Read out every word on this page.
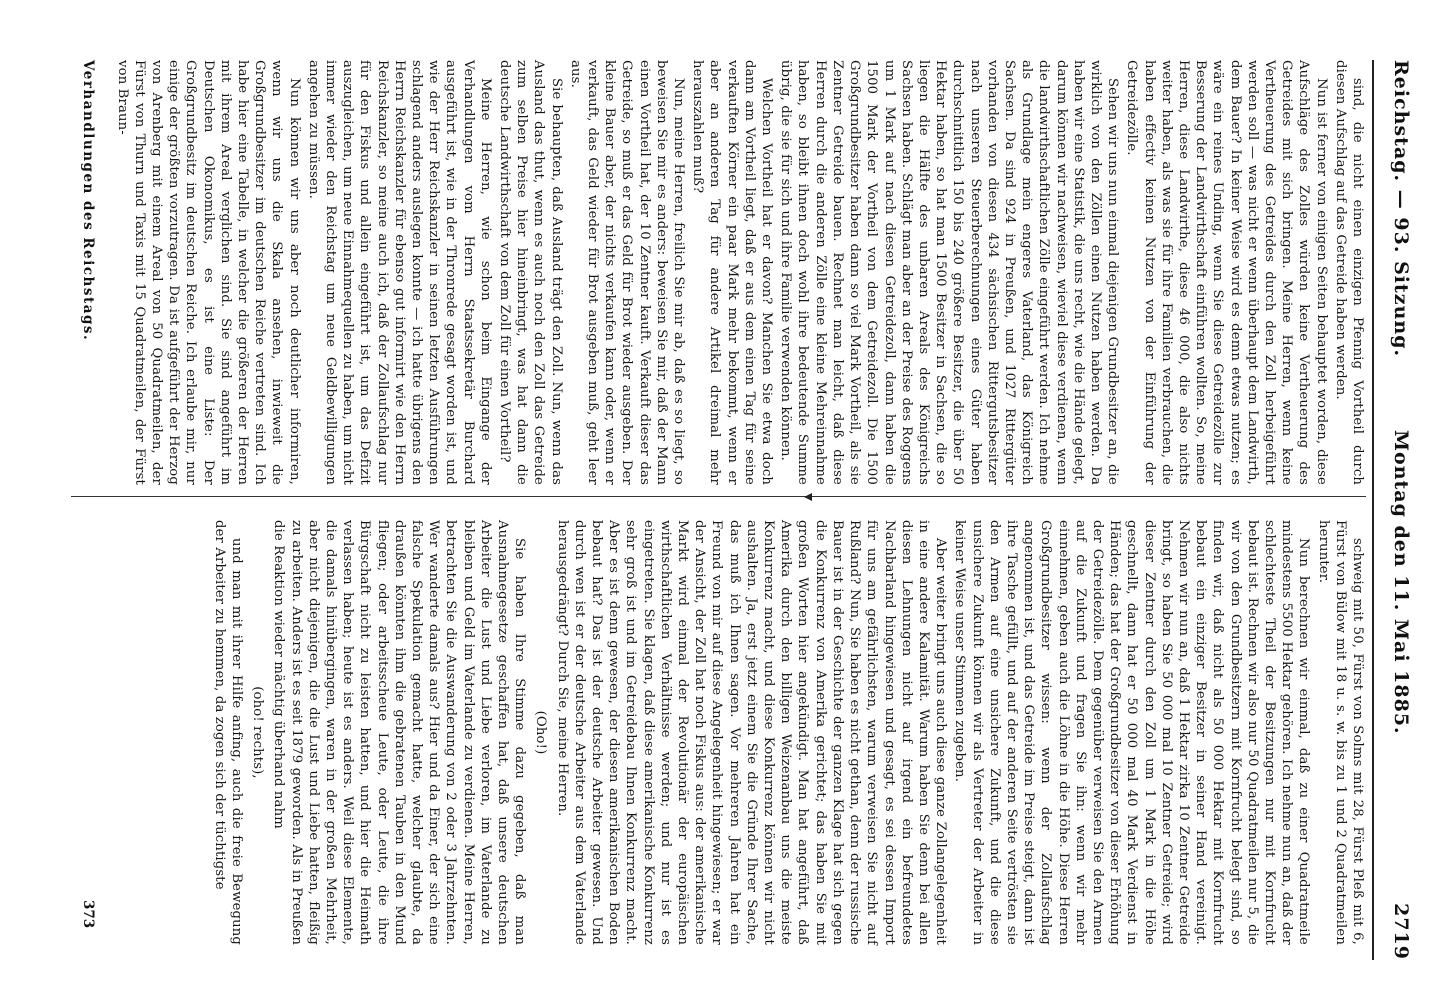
Reichstag. — 93. Sitzung.
Montag den 11. Mai 1885.
2719

sind, die nicht einen einzigen Pfennig Vortheil durch diesen Aufschlag auf das Getreide haben werden.

Nun ist ferner von einigen Seiten behauptet worden, diese Aufschläge des Zolles würden keine Vertheuerung des Getreides mit sich bringen. Meine Herren, wenn keine Vertheuerung des Getreides durch den Zoll herbeigeführt werden soll — was nicht er wenn überhaupt dem Landwirth, dem Bauer? In keiner Weise wird es demn etwas nutzen; es wäre ein reines Unding, wenn Sie diese Getreidezölle zur Besserung der Landwirthschaft einführen wollten. So, meine Herren, diese Landwirthe, diese 46 000, die also nichts weiter haben, als was sie für ihre Familien verbrauchen, die haben effectiv keinen Nutzen von der Einführung der Getreidezölle.

Sehen wir uns nun einmal diejenigen Grundbesitzer an, die wirklich von den Zöllen einen Nutzen haben werden. Da haben wir eine Statistik, die uns recht, wie die Hände gelegt, darum können wir nachweisen, wieviel diese verdienen, wenn die landwirthschaftlichen Zölle eingeführt werden. Ich nehme als Grundlage mein engeres Vaterland, das Königreich Sachsen. Da sind 924 in Preußen, und 1027 Rittergüter vorhanden von diesen 434 sächsischen Rittergutsbesitzer nach unseren Steuerberechnungen eines Güter haben durchschnittlich 150 bis 240 größere Besitzer, die über 50 Hektar haben, so hat man 1500 Besitzer in Sachsen, die so liegen die Hälfte des unbaren Areals des Königreichs Sachsen haben. Schlägt man aber an der Preise des Roggens um 1 Mark auf nach diesen Getreidezoll, dann haben die 1500 Mark der Vortheil von dem Getreidezoll. Die 1500 Großgrundbesitzer haben dann so viel Mark Vortheil, als sie Zentner Getreide bauen. Rechnet man leicht, daß diese Herren durch die anderen Zölle eine kleine Mehreinnahme haben, so bleibt ihnen doch wohl ihre bedeutende Summe übrig, die sie für sich und ihre Familie verwenden können.

Welchen Vortheil hat er davon? Manchen Sie etwa doch dann am Vortheil liegt, daß er aus dem einen Tag für seine verkauften Körner ein paar Mark mehr bekommt, wenn er aber an anderen Tag für andere Artikel dreimal mehr herauszahlen muß?

Nun, meine Herren, freilich Sie mir ab, daß es so liegt, so beweisen Sie mir es anders: beweisen Sie mir, daß der Mann einen Vortheil hat, der 10 Zentner kauft. Verkauft dieser das Getreide, so muß er das Geld für Brot wieder ausgeben. Der kleine Bauer aber, der nichts verkaufen kann oder, wenn er verkauft, das Geld wieder für Brot ausgeben muß, geht leer aus.

Sie behaupten, daß Ausland trägt den Zoll. Nun, wenn das Ausland das thut, wenn es auch noch den Zoll das Getreide zum selben Preise hier hineinbringt, was hat dann die deutsche Landwirthschaft von dem Zoll für einen Vortheil?

Meine Herren, wie schon beim Eingange der Verhandlungen vom Herrn Staatssekretär Burchard ausgeführt ist, wie in der Thronrede gesagt worden ist, und wie der Herr Reichskanzler in seinen letzten Ausführungen schlagend anders auslegen konnte — ich hatte übrigens den Herrn Reichskanzler für ebenso gut informirt wie den Herrn Reichskanzler, so meine auch ich, daß der Zollaufschlag nur für den Fiskus und allein eingeführt ist, um das Defizit auszugleichen, um neue Einnahmequellen zu haben, um nicht immer wieder den Reichstag um neue Geldbewilligungen angehen zu müssen.

Nun können wir uns aber noch deutlicher informiren, wenn wir uns die Skala ansehen, inwieweit die Großgrundbesitzer im deutschen Reiche vertreten sind. Ich habe hier eine Tabelle, in welcher die größeren der Herren mit ihrem Areal verglichen sind. Sie sind angeführt im Deutschen Okonomikus, es ist eine Liste: Der Großgrundbesitz im deutschen Reiche. Ich erlaube mir, nur einige der größten vorzutragen. Da ist aufgeführt der Herzog von Arenberg mit einem Areal von 50 Quadratmeilen, der Fürst von Thurn und Taxis mit 15 Quadratmeilen, der Fürst von Braun-

schweig mit 50, Fürst von Solms mit 28, Fürst Pleß mit 6, Fürst von Bülow mit 18 u. s. w. bis zu 1 und 2 Quadratmeilen herunter.

Nun berechnen wir einmal, daß zu einer Quadratmeile mindestens 5500 Hektar gehören. Ich nehme nun an, daß der schlechteste Theil der Besitzungen nur mit Kornfrucht bebaut ist. Rechnen wir also nur 50 Quadratmeilen nur 5, die wir von den Grundbesitzern mit Kornfrucht belegt sind, so finden wir, daß nicht als 50 000 Hektar mit Kornfrucht bebaut ein einziger Besitzer in seiner Hand vereinigt. Nehmen wir nun an, daß 1 Hektar zirka 10 Zentner Getreide bringt, so haben Sie 50 000 mal 10 Zentner Getreide; wird dieser Zentner durch den Zoll um 1 Mark in die Höhe geschnellt, dann hat er 50 000 mal 40 Mark Verdienst in Händen; das hat der Großgrundbesitzer von dieser Erhöhung der Getreidezölle. Dem gegenüber verweisen Sie den Armen auf die Zukunft und fragen Sie ihn: wenn wir mehr einnehmen, geben auch die Löhne in die Höhe. Diese Herren Großgrundbesitzer wissen: wenn der Zollaufschlag angenommen ist, und das Getreide im Preise steigt, dann ist ihre Tasche gefüllt, und auf der anderen Seite vertrösten sie den Armen auf eine unsichere Zukunft, und die diese unsichere Zukunft können wir als Vertreter der Arbeiter in keiner Weise unser Stimmen zugeben.

Aber weiter bringt uns auch diese ganze Zollangelegenheit in eine andere Kalamität. Warum haben Sie denn bei allen diesen Lehnungen nicht auf irgend ein befreundetes Nachbarland hingewiesen und gesagt, es sei dessen Import für uns am gefährlichsten, warum verweisen Sie nicht auf Rußland? Nun, Sie haben es nicht gethan, denn der russische Bauer ist in der Geschichte der ganzen Klage hat sich gegen die Konkurrenz von Amerika gerichtet; das haben Sie mit großen Worten hier angekündigt. Man hat angeführt, daß Amerika durch den billigen Weizenanbau uns die meiste Konkurrenz macht, und diese Konkurrenz können wir nicht aushalten. Ja, erst jetzt einem Sie die Gründe Ihrer Sache, das muß ich Ihnen sagen. Vor mehreren Jahren hat ein Freund von mir auf diese Angelegenheit hingewiesen; er war der Ansicht, der Zoll hat noch Fiskus aus: der amerikanische Markt wird einmal der Revolutionär der europäischen wirthschaftlichen Verhältnisse werden; und nur ist es eingetreten. Sie klagen, daß diese amerikanische Konkurrenz sehr groß ist und im Getreidebau Ihnen Konkurrenz macht. Aber es ist denn gewesen, der diesen amerikanischen Boden bebaut hat? Das ist der deutsche Arbeiter gewesen. Und durch wen ist er der deutsche Arbeiter aus dem Vaterlande herausgedrängt? Durch Sie, meine Herren.

(Oho!)

Sie haben Ihre Stimme dazu gegeben, daß man Ausnahmegesetze geschaffen hat, daß unsere deutschen Arbeiter die Lust und Liebe verloren, im Vaterlande zu bleiben und Geld im Vaterlande zu verdienen. Meine Herren, betrachten Sie die Auswanderung von 2 oder 3 Jahrzehnten. Wer wanderte damals aus? Hier und da Einer, der sich eine falsche Spekulation gemacht hatte, welcher glaubte, da draußen könnten ihm die gebratenen Tauben in den Mund fliegen; oder arbeitsscheue Leute, oder Leute, die ihre Bürgschaft nicht zu leisten hatten, und hier die Heimath verlassen haben; heute ist es anders. Weil diese Elemente, die damals hinübergingen, waren in der großen Mehrheit, aber nicht diejenigen, die die Lust und Liebe hatten, fleißig zu arbeiten. Anders ist es seit 1879 geworden. Als in Preußen die Reaktion wieder mächtig überhand nahm

(oho! rechts),

und man mit ihrer Hilfe anfing, auch die freie Bewegung der Arbeiter zu hemmen, da zogen sich der tüchtigste

Verhandlungen des Reichstags.
373
